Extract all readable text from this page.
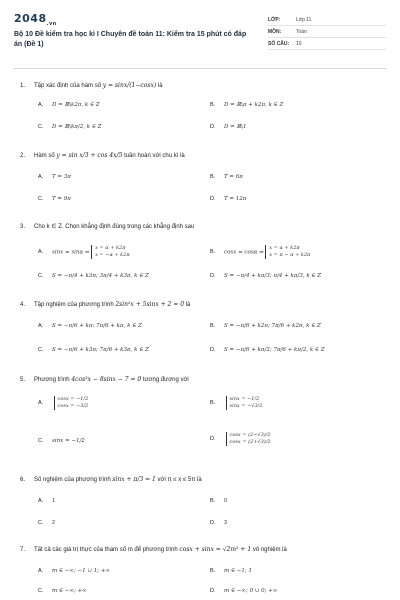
$2048_{.vn}$
Bộ 10 Đề kiểm tra học kì I Chuyên đề toán 11: Kiểm tra 15 phút có đáp án (Đề 1)
LỚP:	Lớp 11
MÔN:	Toán
SỐ CÂU:	10
1. Tập xác định của hàm số y = sinx/(1−cosx) là
A. D = ℝ\k2π, k ∈ Z	B. D = ℝ\π + k2π, k ∈ Z
C. D = ℝ\kπ/2, k ∈ Z	D. D = ℝ\1
2. Hàm số y = sin x/3 + cos 4x/5 tuần hoàn với chu kì là
A. T = 3π	B. T = 6π
C. T = 9π	D. T = 12π
3. Cho k ∈ Z. Chọn khẳng định đúng trong các khẳng định sau
A. sinx = sinα ⇔
x = α + k2π
x = −α + k2π	B. cosx = cosα ⇔
x = α + k2π
x = π − α + k2π
C. S = −π/4 + k3π; 3π/4 + k3π, k ∈ Z	D. S = −π/4 + kπ/3; π/4 + kπ/3, k ∈ Z
4. Tập nghiệm của phương trình 2sin²x + 5sinx + 2 = 0 là
A. S = −π/6 + kπ; 7π/6 + kπ, k ∈ Z	B. S = −π/6 + k2π; 7π/6 + k2π, k ∈ Z
C. S = −π/6 + k3π; 7π/6 + k3π, k ∈ Z	D. S = −π/6 + kπ/2; 7π/6 + kπ/2, k ∈ Z
5. Phương trình 4cos³x − 8sinx − 7 = 0 tương đương với
A.
cosx = −1/2
cosx = −3/2	B.
sinx = −1/2
sinx = −√3/2
C. sinx = −1/2	D.
cosx = (2−√3)/2
cosx = (2+√3)/2
6. Số nghiệm của phương trình sinx + π/3 = 1 với π ≤ x ≤ 5π là
A. 1	B. 0
C. 2	D. 3
7. Tất cả các giá trị thực của tham số m để phương trình cosx + sinx = √2m² + 1 vô nghiệm là
A. m ∈ −∞; −1 ∪ 1; +∞	B. m ∈ −1; 1
C. m ∈ −∞; +∞	D. m ∈ −∞; 0 ∪ 0; +∞
